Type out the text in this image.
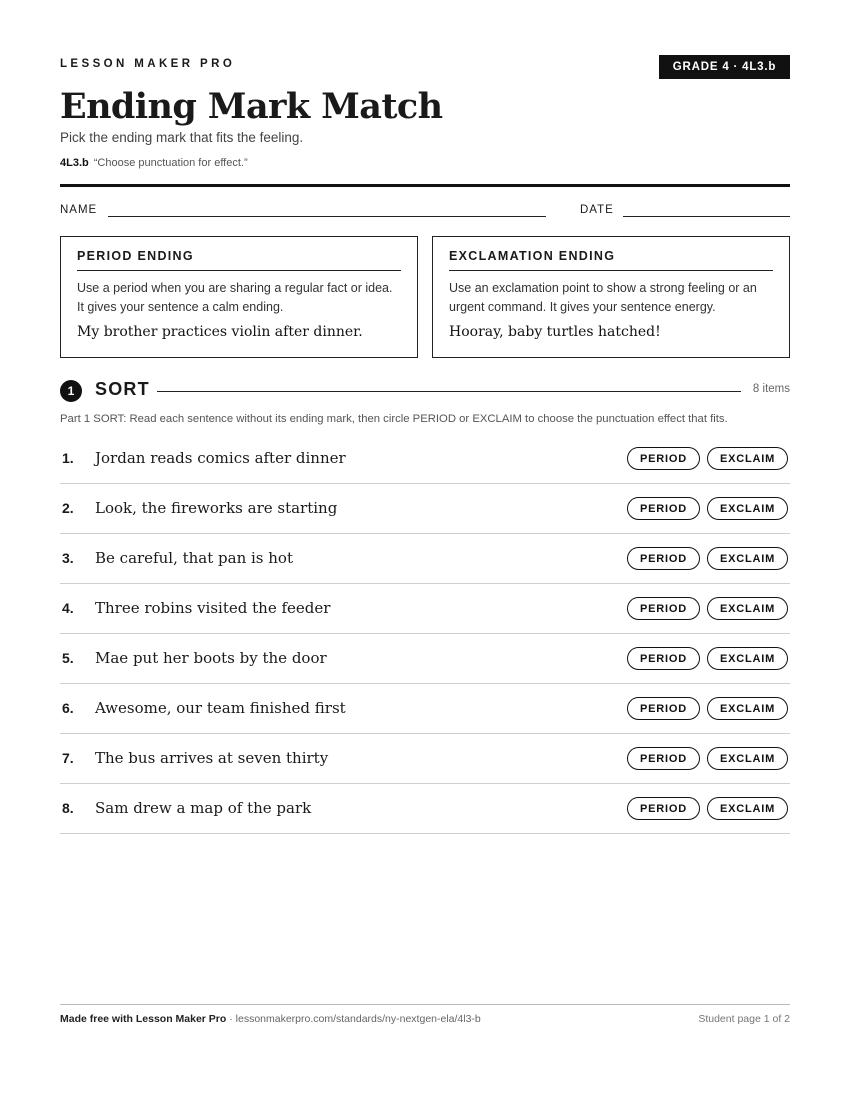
LESSON MAKER PRO	GRADE 4 · 4L3.b
Ending Mark Match
Pick the ending mark that fits the feeling.
4L3.b “Choose punctuation for effect.”
NAME	DATE
PERIOD ENDING
Use a period when you are sharing a regular fact or idea. It gives your sentence a calm ending.
My brother practices violin after dinner.
EXCLAMATION ENDING
Use an exclamation point to show a strong feeling or an urgent command. It gives your sentence energy.
Hooray, baby turtles hatched!
1	SORT	8 items
Part 1 SORT: Read each sentence without its ending mark, then circle PERIOD or EXCLAIM to choose the punctuation effect that fits.
1. Jordan reads comics after dinner	PERIOD	EXCLAIM
2. Look, the fireworks are starting	PERIOD	EXCLAIM
3. Be careful, that pan is hot	PERIOD	EXCLAIM
4. Three robins visited the feeder	PERIOD	EXCLAIM
5. Mae put her boots by the door	PERIOD	EXCLAIM
6. Awesome, our team finished first	PERIOD	EXCLAIM
7. The bus arrives at seven thirty	PERIOD	EXCLAIM
8. Sam drew a map of the park	PERIOD	EXCLAIM
Made free with Lesson Maker Pro · lessonmakerpro.com/standards/ny-nextgen-ela/4l3-b	Student page 1 of 2
